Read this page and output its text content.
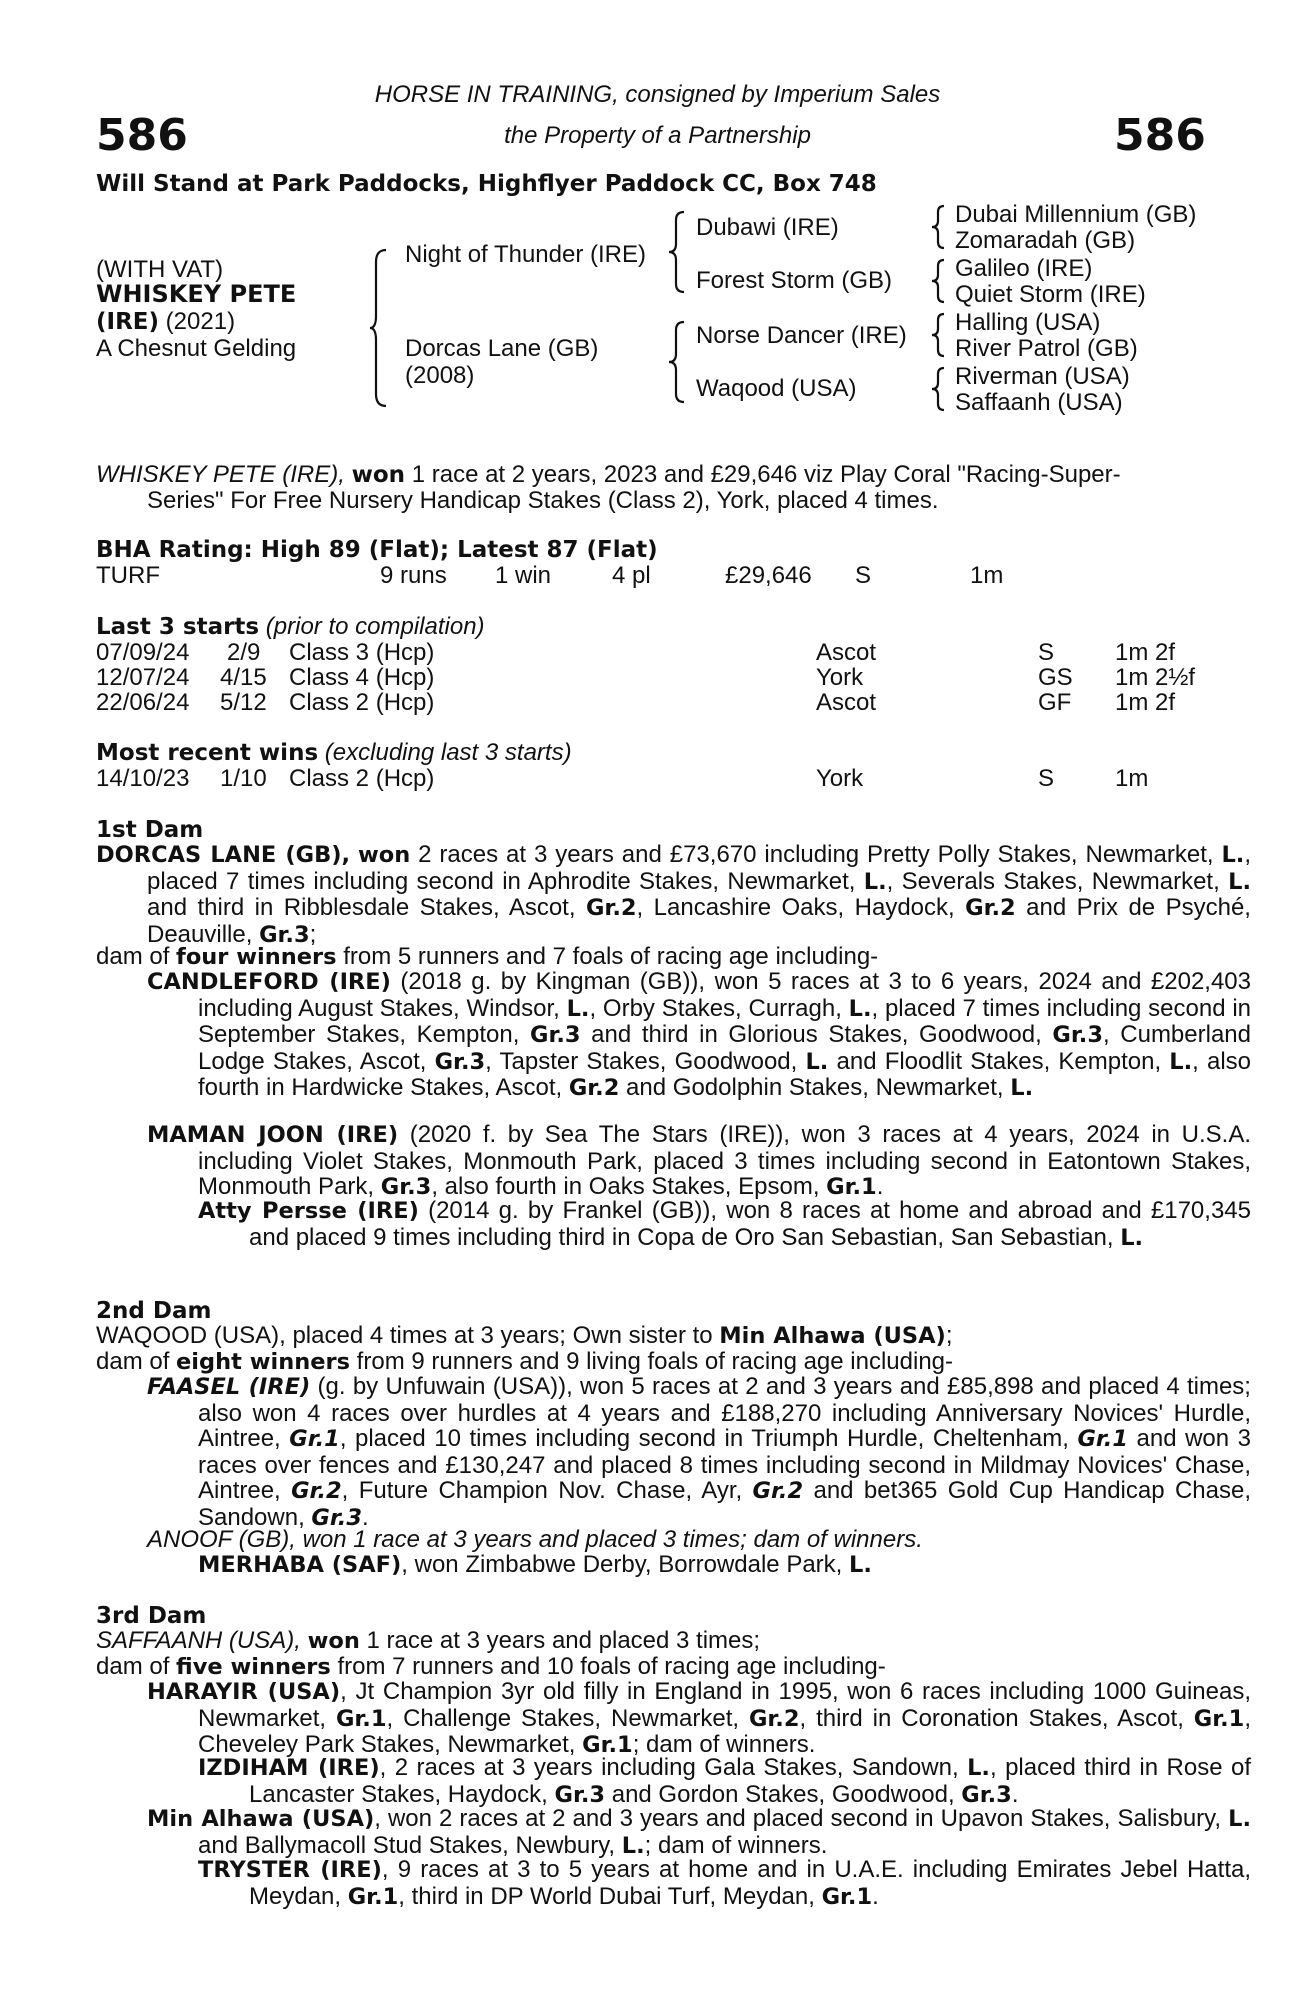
586	586
HORSE IN TRAINING, consigned by Imperium Sales
the Property of a Partnership
Will Stand at Park Paddocks, Highflyer Paddock CC, Box 748
(WITH VAT)
WHISKEY PETE
(IRE) (2021)
A Chesnut Gelding
Night of Thunder (IRE)
Dorcas Lane (GB)
(2008)
Dubawi (IRE)
Forest Storm (GB)
Norse Dancer (IRE)
Waqood (USA)
Dubai Millennium (GB)
Zomaradah (GB)
Galileo (IRE)
Quiet Storm (IRE)
Halling (USA)
River Patrol (GB)
Riverman (USA)
Saffaanh (USA)
WHISKEY PETE (IRE), won 1 race at 2 years, 2023 and £29,646 viz Play Coral "Racing-Super-
Series" For Free Nursery Handicap Stakes (Class 2), York, placed 4 times.
BHA Rating: High 89 (Flat); Latest 87 (Flat)
TURF	9 runs 1 win	4 pl	£29,646 S	1m
Last 3 starts (prior to compilation)
07/09/24 2/9 Class 3 (Hcp)	Ascot	S	1m 2f
12/07/24 4/15 Class 4 (Hcp)	York	GS 1m 2½f
22/06/24 5/12 Class 2 (Hcp)	Ascot	GF 1m 2f
Most recent wins (excluding last 3 starts)
14/10/23 1/10 Class 2 (Hcp)	York	S	1m
1st Dam
DORCAS LANE (GB), won 2 races at 3 years and £73,670 including Pretty Polly Stakes, Newmarket, L., placed 7 times including second in Aphrodite Stakes, Newmarket, L., Severals Stakes, Newmarket, L. and third in Ribblesdale Stakes, Ascot, Gr.2, Lancashire Oaks, Haydock, Gr.2 and Prix de Psyché, Deauville, Gr.3;
dam of four winners from 5 runners and 7 foals of racing age including-
CANDLEFORD (IRE) (2018 g. by Kingman (GB)), won 5 races at 3 to 6 years, 2024 and £202,403 including August Stakes, Windsor, L., Orby Stakes, Curragh, L., placed 7 times including second in September Stakes, Kempton, Gr.3 and third in Glorious Stakes, Goodwood, Gr.3, Cumberland Lodge Stakes, Ascot, Gr.3, Tapster Stakes, Goodwood, L. and Floodlit Stakes, Kempton, L., also fourth in Hardwicke Stakes, Ascot, Gr.2 and Godolphin Stakes, Newmarket, L.
MAMAN JOON (IRE) (2020 f. by Sea The Stars (IRE)), won 3 races at 4 years, 2024 in U.S.A. including Violet Stakes, Monmouth Park, placed 3 times including second in Eatontown Stakes, Monmouth Park, Gr.3, also fourth in Oaks Stakes, Epsom, Gr.1.
Atty Persse (IRE) (2014 g. by Frankel (GB)), won 8 races at home and abroad and £170,345 and placed 9 times including third in Copa de Oro San Sebastian, San Sebastian, L.
2nd Dam
WAQOOD (USA), placed 4 times at 3 years; Own sister to Min Alhawa (USA);
dam of eight winners from 9 runners and 9 living foals of racing age including-
FAASEL (IRE) (g. by Unfuwain (USA)), won 5 races at 2 and 3 years and £85,898 and placed 4 times; also won 4 races over hurdles at 4 years and £188,270 including Anniversary Novices' Hurdle, Aintree, Gr.1, placed 10 times including second in Triumph Hurdle, Cheltenham, Gr.1 and won 3 races over fences and £130,247 and placed 8 times including second in Mildmay Novices' Chase, Aintree, Gr.2, Future Champion Nov. Chase, Ayr, Gr.2 and bet365 Gold Cup Handicap Chase, Sandown, Gr.3.
ANOOF (GB), won 1 race at 3 years and placed 3 times; dam of winners.
MERHABA (SAF), won Zimbabwe Derby, Borrowdale Park, L.
3rd Dam
SAFFAANH (USA), won 1 race at 3 years and placed 3 times;
dam of five winners from 7 runners and 10 foals of racing age including-
HARAYIR (USA), Jt Champion 3yr old filly in England in 1995, won 6 races including 1000 Guineas, Newmarket, Gr.1, Challenge Stakes, Newmarket, Gr.2, third in Coronation Stakes, Ascot, Gr.1, Cheveley Park Stakes, Newmarket, Gr.1; dam of winners.
IZDIHAM (IRE), 2 races at 3 years including Gala Stakes, Sandown, L., placed third in Rose of Lancaster Stakes, Haydock, Gr.3 and Gordon Stakes, Goodwood, Gr.3.
Min Alhawa (USA), won 2 races at 2 and 3 years and placed second in Upavon Stakes, Salisbury, L. and Ballymacoll Stud Stakes, Newbury, L.; dam of winners.
TRYSTER (IRE), 9 races at 3 to 5 years at home and in U.A.E. including Emirates Jebel Hatta, Meydan, Gr.1, third in DP World Dubai Turf, Meydan, Gr.1.
